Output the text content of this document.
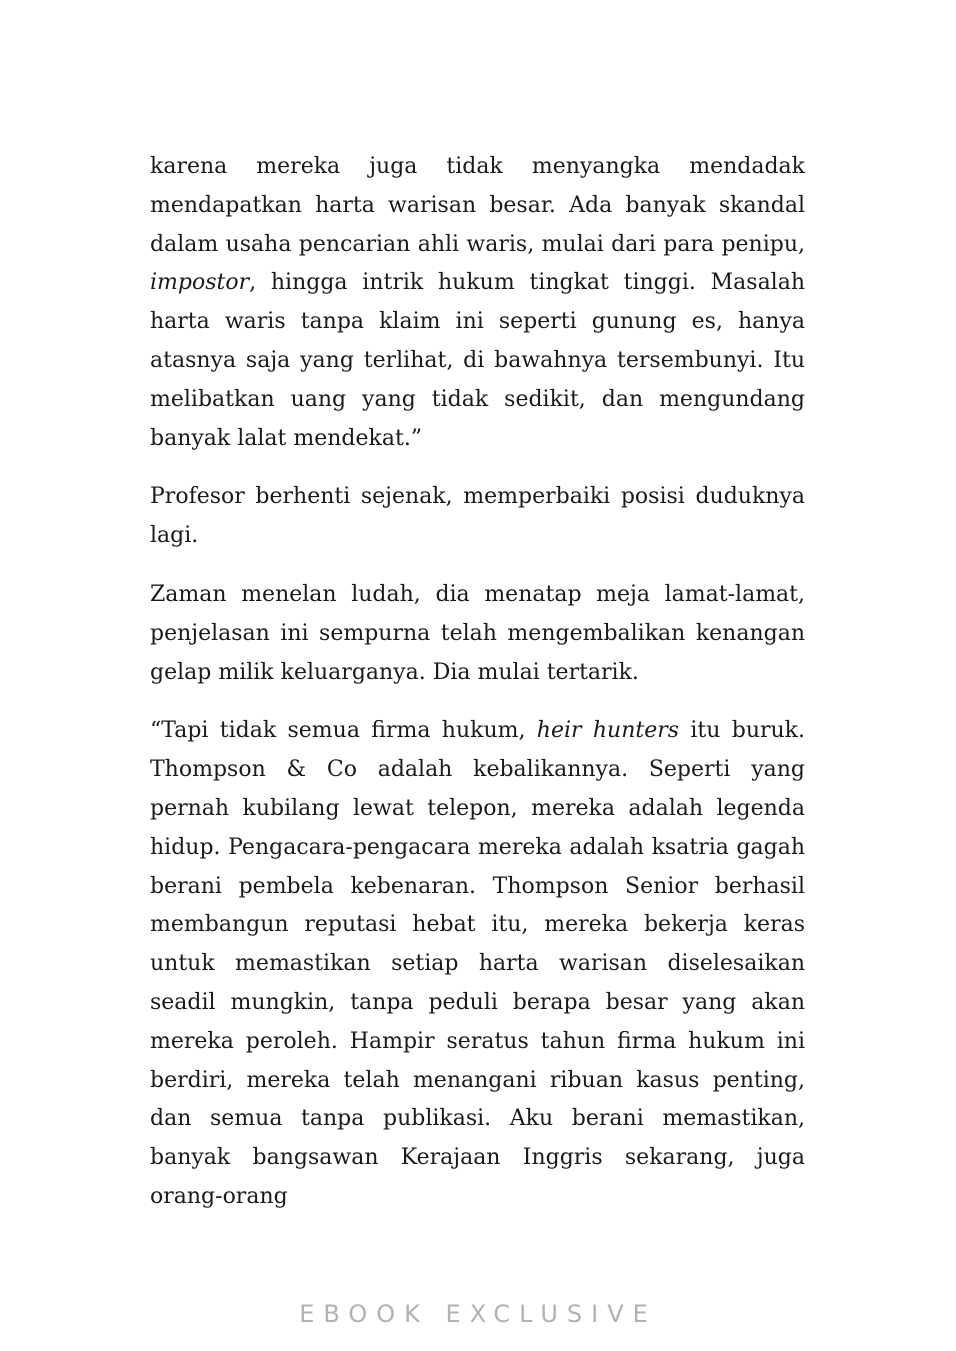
karena mereka juga tidak menyangka mendadak mendapatkan harta warisan besar. Ada banyak skandal dalam usaha pencarian ahli waris, mulai dari para penipu, impostor, hingga intrik hukum tingkat tinggi. Masalah harta waris tanpa klaim ini seperti gunung es, hanya atasnya saja yang terlihat, di bawahnya tersembunyi. Itu melibatkan uang yang tidak sedikit, dan mengundang banyak lalat mendekat.”

Profesor berhenti sejenak, memperbaiki posisi duduknya lagi.

Zaman menelan ludah, dia menatap meja lamat-lamat, penjelasan ini sempurna telah mengembalikan kenangan gelap milik keluarganya. Dia mulai tertarik.

“Tapi tidak semua firma hukum, heir hunters itu buruk. Thompson & Co adalah kebalikannya. Seperti yang pernah kubilang lewat telepon, mereka adalah legenda hidup. Pengacara-pengacara mereka adalah ksatria gagah berani pembela kebenaran. Thompson Senior berhasil membangun reputasi hebat itu, mereka bekerja keras untuk memastikan setiap harta warisan diselesaikan seadil mungkin, tanpa peduli berapa besar yang akan mereka peroleh. Hampir seratus tahun firma hukum ini berdiri, mereka telah menangani ribuan kasus penting, dan semua tanpa publikasi. Aku berani memastikan, banyak bangsawan Kerajaan Inggris sekarang, juga orang-orang

EBOOK EXCLUSIVE
